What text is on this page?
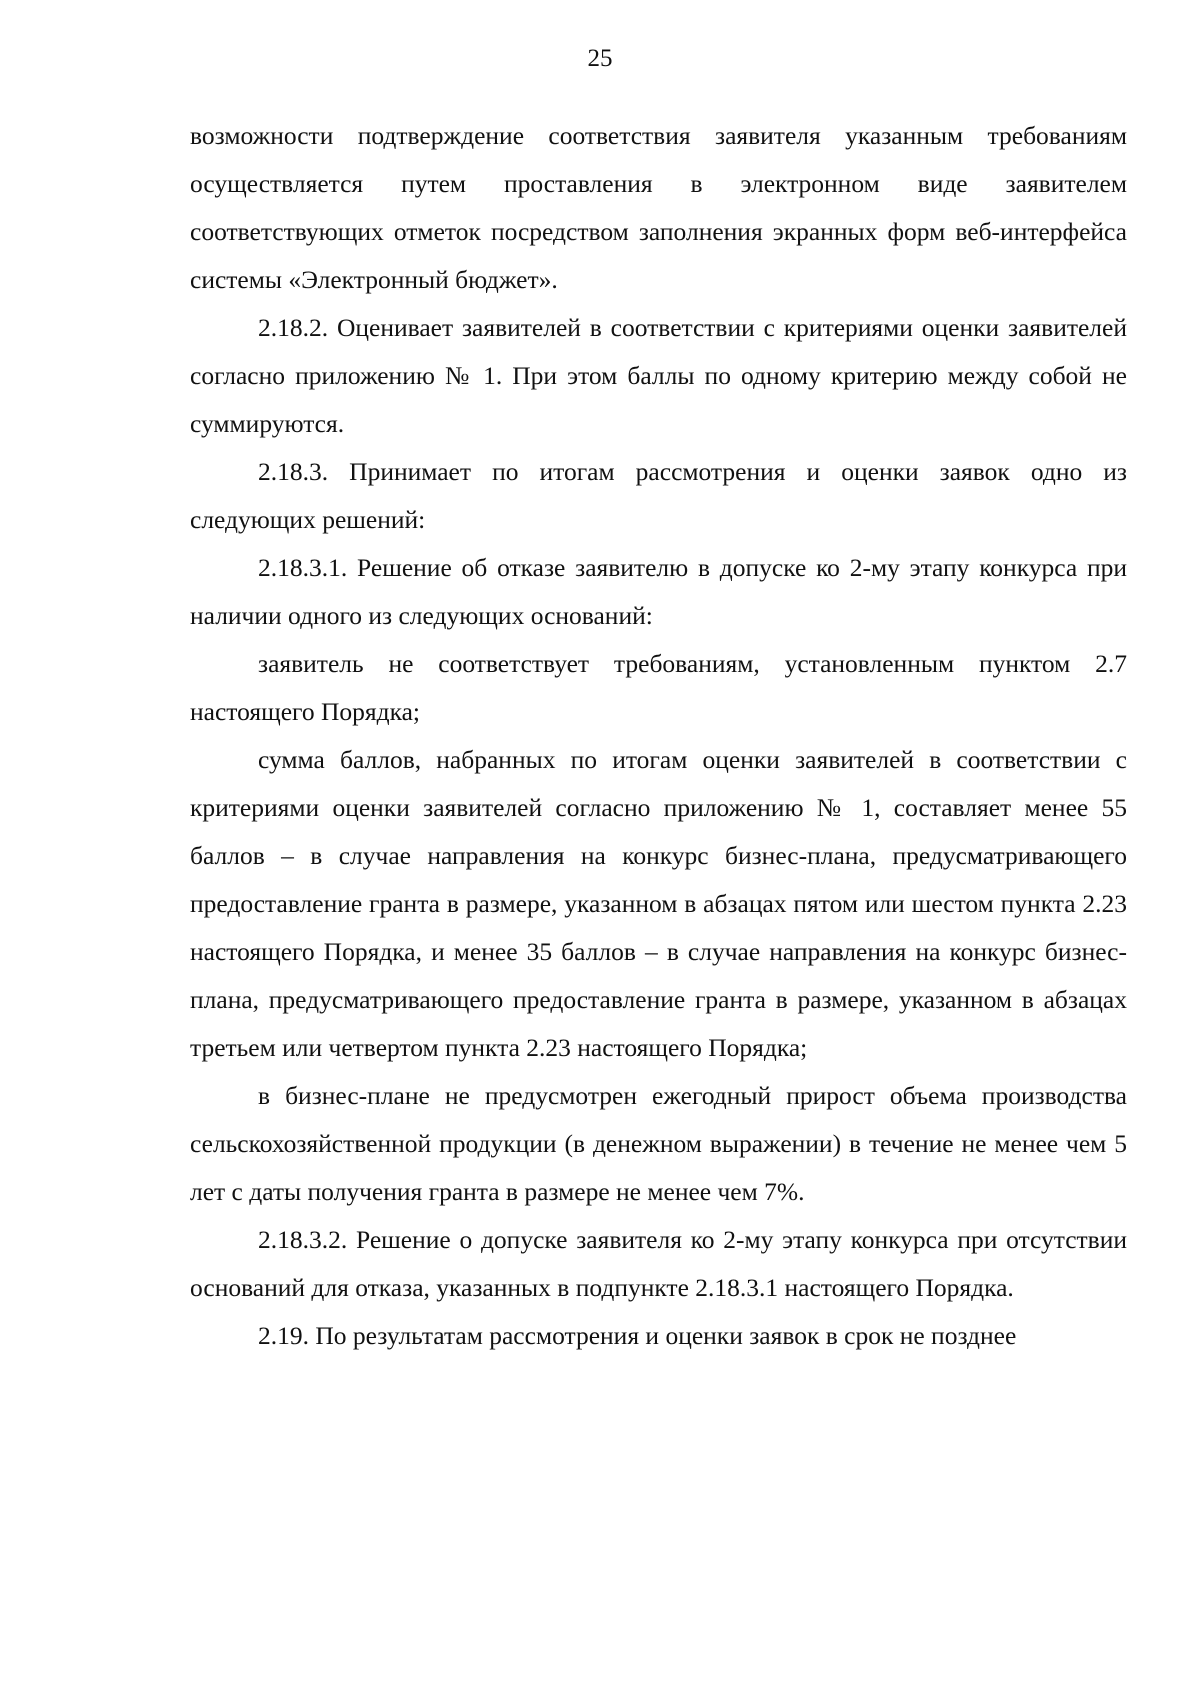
25

возможности подтверждение соответствия заявителя указанным требованиям осуществляется путем проставления в электронном виде заявителем соответствующих отметок посредством заполнения экранных форм веб-интерфейса системы «Электронный бюджет».

2.18.2. Оценивает заявителей в соответствии с критериями оценки заявителей согласно приложению № 1. При этом баллы по одному критерию между собой не суммируются.

2.18.3. Принимает по итогам рассмотрения и оценки заявок одно из следующих решений:

2.18.3.1. Решение об отказе заявителю в допуске ко 2-му этапу конкурса при наличии одного из следующих оснований:

заявитель не соответствует требованиям, установленным пунктом 2.7 настоящего Порядка;

сумма баллов, набранных по итогам оценки заявителей в соответствии с критериями оценки заявителей согласно приложению № 1, составляет менее 55 баллов – в случае направления на конкурс бизнес-плана, предусматривающего предоставление гранта в размере, указанном в абзацах пятом или шестом пункта 2.23 настоящего Порядка, и менее 35 баллов – в случае направления на конкурс бизнес-плана, предусматривающего предоставление гранта в размере, указанном в абзацах третьем или четвертом пункта 2.23 настоящего Порядка;

в бизнес-плане не предусмотрен ежегодный прирост объема производства сельскохозяйственной продукции (в денежном выражении) в течение не менее чем 5 лет с даты получения гранта в размере не менее чем 7%.

2.18.3.2. Решение о допуске заявителя ко 2-му этапу конкурса при отсутствии оснований для отказа, указанных в подпункте 2.18.3.1 настоящего Порядка.

2.19. По результатам рассмотрения и оценки заявок в срок не позднее
